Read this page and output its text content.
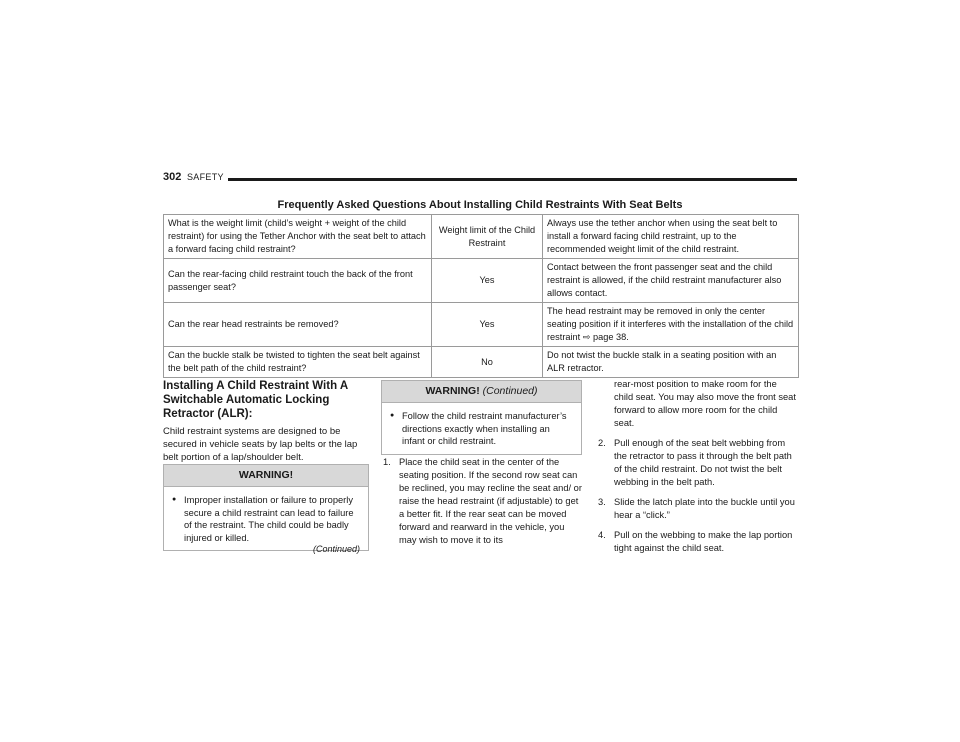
302 SAFETY
Frequently Asked Questions About Installing Child Restraints With Seat Belts
What is the weight limit (child’s weight + weight of the child restraint) for using the Tether Anchor with the seat belt to attach a forward facing child restraint?	Weight limit of the Child Restraint	Always use the tether anchor when using the seat belt to install a forward facing child restraint, up to the recommended weight limit of the child restraint.
Can the rear-facing child restraint touch the back of the front passenger seat?	Yes	Contact between the front passenger seat and the child restraint is allowed, if the child restraint manufacturer also allows contact.
Can the rear head restraints be removed?	Yes	The head restraint may be removed in only the center seating position if it interferes with the installation of the child restraint ⇨ page 38.
Can the buckle stalk be twisted to tighten the seat belt against the belt path of the child restraint?	No	Do not twist the buckle stalk in a seating position with an ALR retractor.
Installing A Child Restraint With A Switchable Automatic Locking Retractor (ALR):
Child restraint systems are designed to be secured in vehicle seats by lap belts or the lap belt portion of a lap/shoulder belt.
WARNING!
● Improper installation or failure to properly secure a child restraint can lead to failure of the restraint. The child could be badly injured or killed.
(Continued)
WARNING! (Continued)
● Follow the child restraint manufacturer’s directions exactly when installing an infant or child restraint.
1. Place the child seat in the center of the seating position. If the second row seat can be reclined, you may recline the seat and/ or raise the head restraint (if adjustable) to get a better fit. If the rear seat can be moved forward and rearward in the vehicle, you may wish to move it to its
rear-most position to make room for the child seat. You may also move the front seat forward to allow more room for the child seat.
2. Pull enough of the seat belt webbing from the retractor to pass it through the belt path of the child restraint. Do not twist the belt webbing in the belt path.
3. Slide the latch plate into the buckle until you hear a “click.”
4. Pull on the webbing to make the lap portion tight against the child seat.
